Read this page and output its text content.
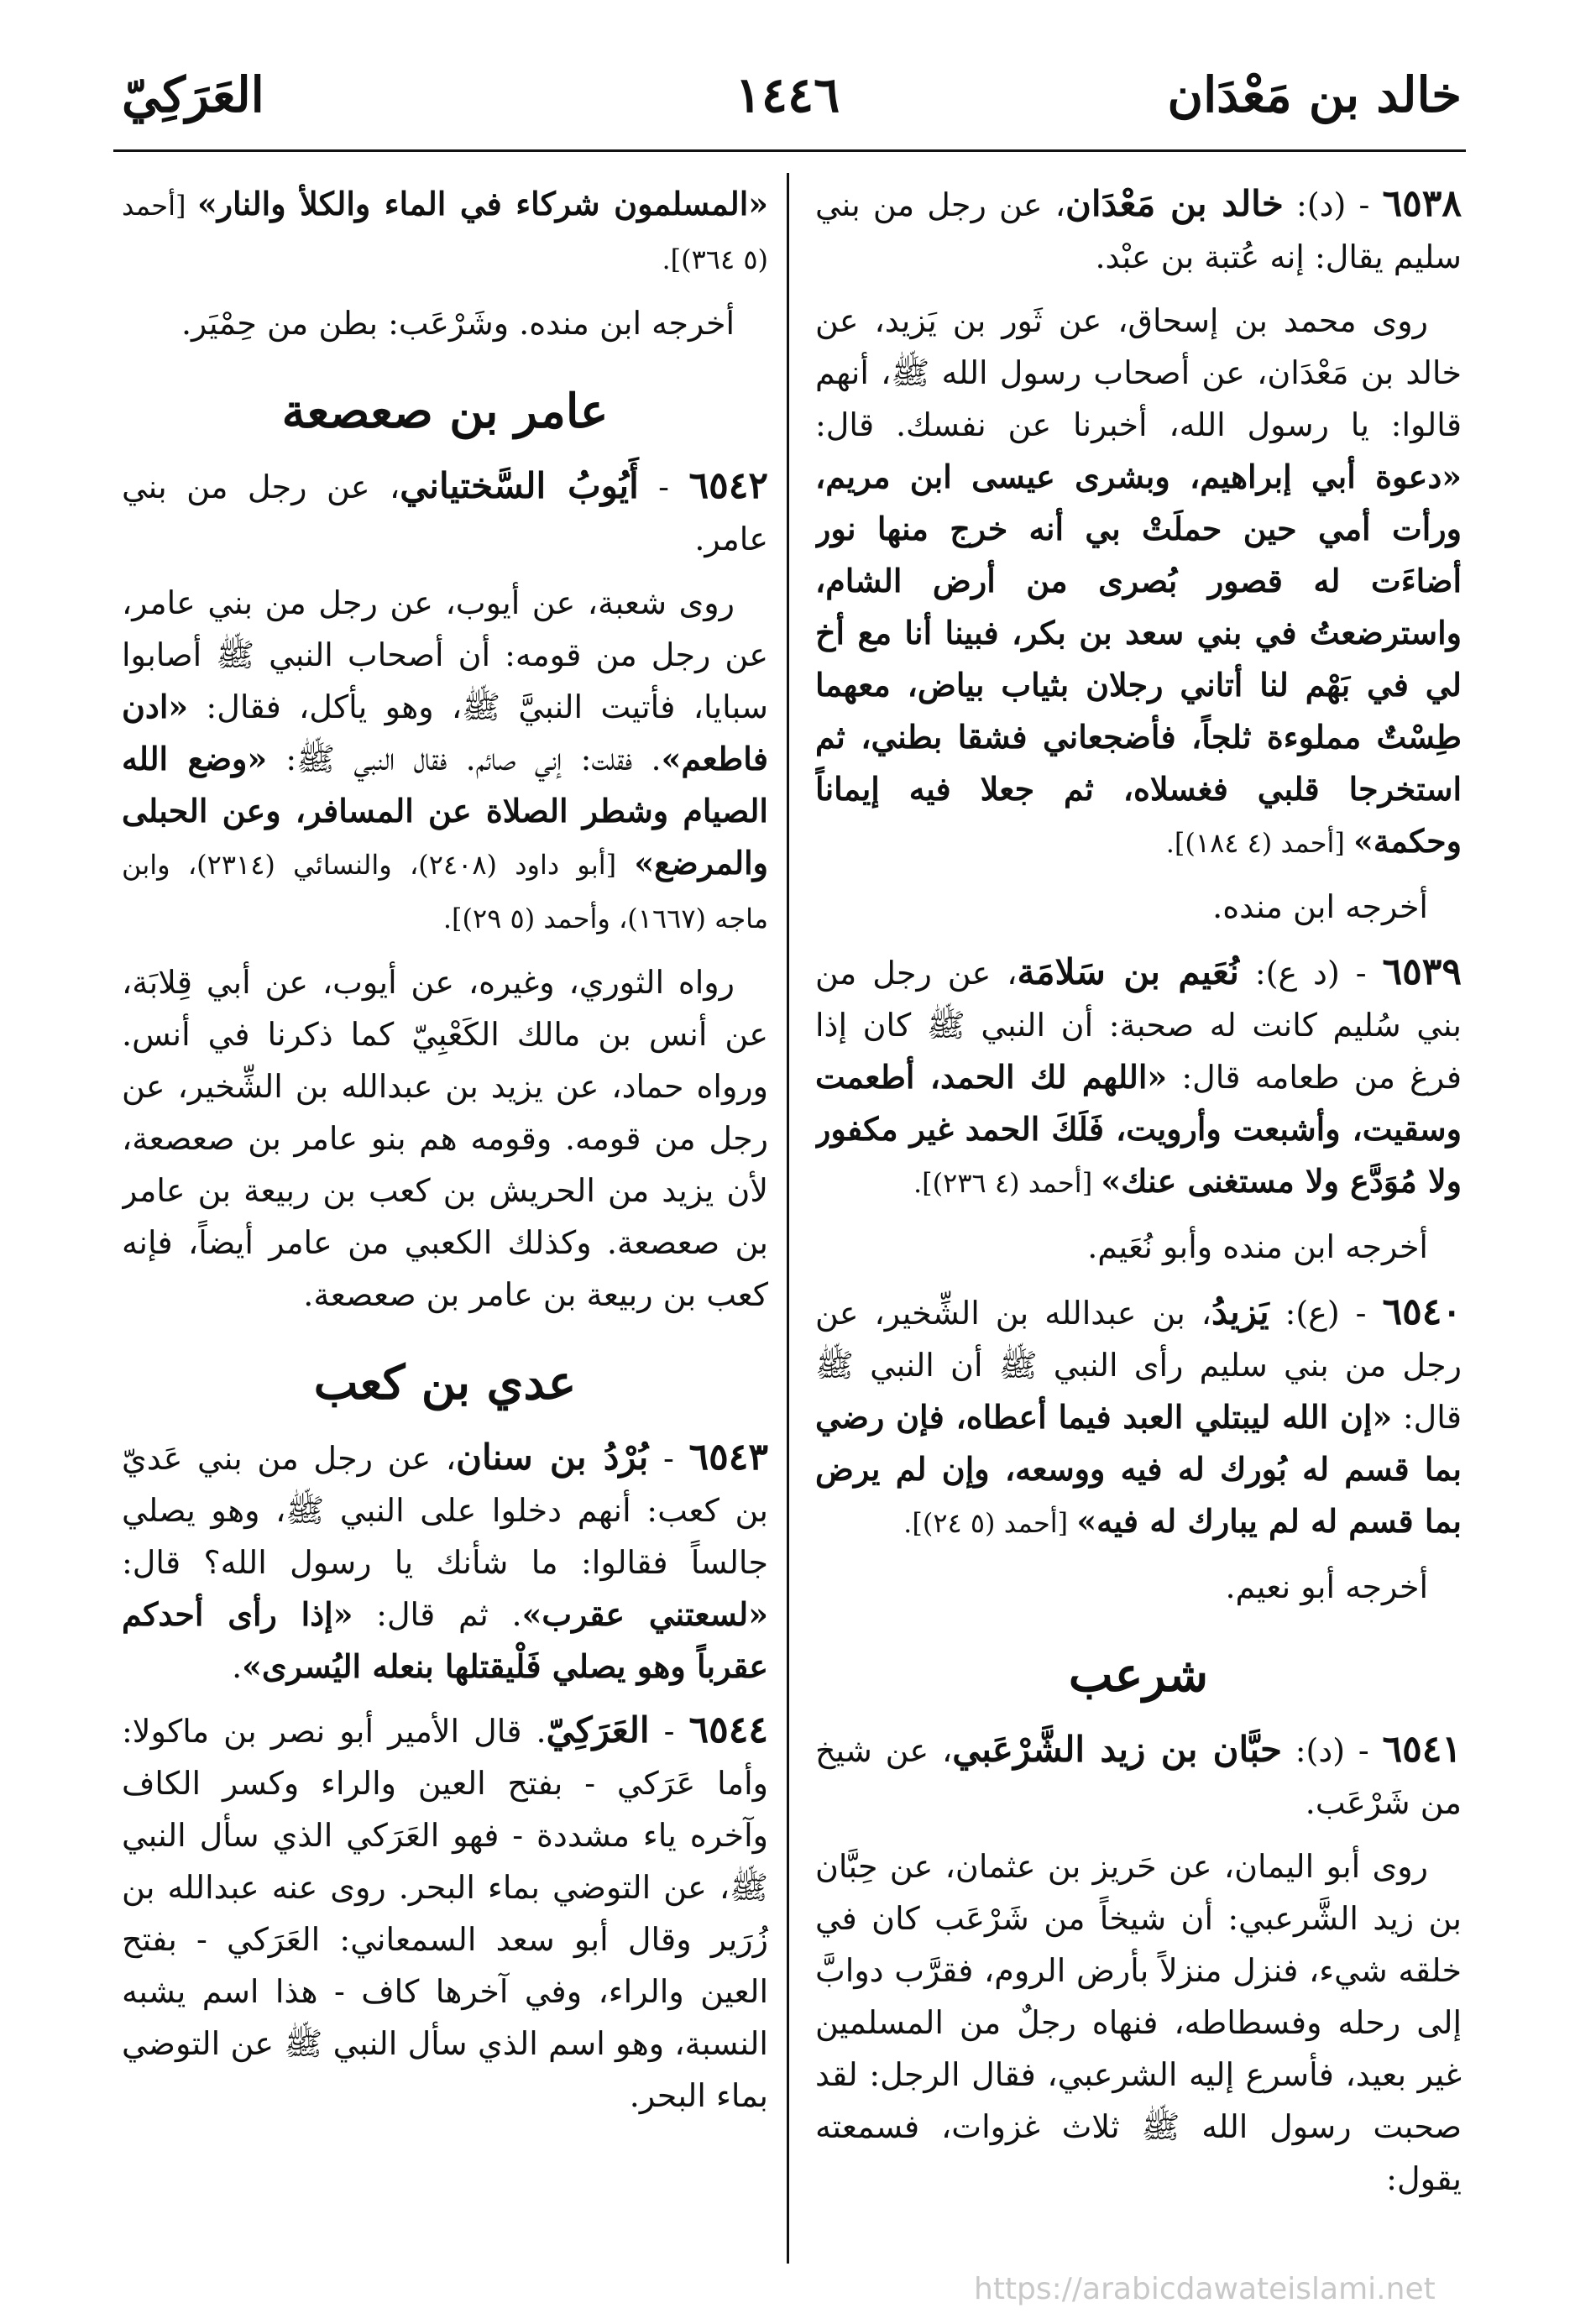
خالد بن مَعْدَان
١٤٤٦
العَرَكِيّ

٦٥٣٨ - (د): خالد بن مَعْدَان، عن رجل من بني سليم يقال: إنه عُتبة بن عبْد.

روى محمد بن إسحاق، عن ثَور بن يَزيد، عن خالد بن مَعْدَان، عن أصحاب رسول الله ﷺ، أنهم قالوا: يا رسول الله، أخبرنا عن نفسك. قال: «دعوة أبي إبراهيم، وبشرى عيسى ابن مريم، ورأت أمي حين حملَتْ بي أنه خرج منها نور أضاءَت له قصور بُصرى من أرض الشام، واسترضعتُ في بني سعد بن بكر، فبينا أنا مع أخ لي في بَهْم لنا أتاني رجلان بثياب بياض، معهما طِسْتٌ مملوءة ثلجاً، فأضجعاني فشقا بطني، ثم استخرجا قلبي فغسلاه، ثم جعلا فيه إيماناً وحكمة» [أحمد (٤ ١٨٤)].

أخرجه ابن منده.

٦٥٣٩ - (د ع): نُعَيم بن سَلامَة، عن رجل من بني سُليم كانت له صحبة: أن النبي ﷺ كان إذا فرغ من طعامه قال: «اللهم لك الحمد، أطعمت وسقيت، وأشبعت وأرويت، فَلَكَ الحمد غير مكفور ولا مُوَدَّع ولا مستغنى عنك» [أحمد (٤ ٢٣٦)].

أخرجه ابن منده وأبو نُعَيم.

٦٥٤٠ - (ع): يَزيدُ، بن عبدالله بن الشِّخير، عن رجل من بني سليم رأى النبي ﷺ أن النبي ﷺ قال: «إن الله ليبتلي العبد فيما أعطاه، فإن رضي بما قسم له بُورك له فيه ووسعه، وإن لم يرض بما قسم له لم يبارك له فيه» [أحمد (٥ ٢٤)].

أخرجه أبو نعيم.

شرعب

٦٥٤١ - (د): حبَّان بن زيد الشَّرْعَبي، عن شيخ من شَرْعَب.

روى أبو اليمان، عن حَريز بن عثمان، عن حِبَّان بن زيد الشَّرعبي: أن شيخاً من شَرْعَب كان في خلقه شيء، فنزل منزلاً بأرض الروم، فقرَّب دوابَّ إلى رحله وفسطاطه، فنهاه رجلٌ من المسلمين غير بعيد، فأسرع إليه الشرعبي، فقال الرجل: لقد صحبت رسول الله ﷺ ثلاث غزوات، فسمعته يقول:

«المسلمون شركاء في الماء والكلأ والنار» [أحمد (٥ ٣٦٤)].

أخرجه ابن منده. وشَرْعَب: بطن من حِمْيَر.

عامر بن صعصعة

٦٥٤٢ - أَيُوبُ السَّختياني، عن رجل من بني عامر.

روى شعبة، عن أيوب، عن رجل من بني عامر، عن رجل من قومه: أن أصحاب النبي ﷺ أصابوا سبايا، فأتيت النبيَّ ﷺ، وهو يأكل، فقال: «ادن فاطعم». فقلت: إني صائم. فقال النبي ﷺ: «وضع الله الصيام وشطر الصلاة عن المسافر، وعن الحبلى والمرضع» [أبو داود (٢٤٠٨)، والنسائي (٢٣١٤)، وابن ماجه (١٦٦٧)، وأحمد (٥ ٢٩)].

رواه الثوري، وغيره، عن أيوب، عن أبي قِلابَة، عن أنس بن مالك الكَعْبِيّ كما ذكرنا في أنس. ورواه حماد، عن يزيد بن عبدالله بن الشِّخير، عن رجل من قومه. وقومه هم بنو عامر بن صعصعة، لأن يزيد من الحريش بن كعب بن ربيعة بن عامر بن صعصعة. وكذلك الكعبي من عامر أيضاً، فإنه كعب بن ربيعة بن عامر بن صعصعة.

عدي بن كعب

٦٥٤٣ - بُرْدُ بن سنان، عن رجل من بني عَديّ بن كعب: أنهم دخلوا على النبي ﷺ، وهو يصلي جالساً فقالوا: ما شأنك يا رسول الله؟ قال: «لسعتني عقرب». ثم قال: «إذا رأى أحدكم عقرباً وهو يصلي فَلْيقتلها بنعله اليُسرى».

٦٥٤٤ - العَرَكِيّ. قال الأمير أبو نصر بن ماكولا: وأما عَرَكي - بفتح العين والراء وكسر الكاف وآخره ياء مشددة - فهو العَرَكي الذي سأل النبي ﷺ، عن التوضي بماء البحر. روى عنه عبدالله بن زُرَير وقال أبو سعد السمعاني: العَرَكي - بفتح العين والراء، وفي آخرها كاف - هذا اسم يشبه النسبة، وهو اسم الذي سأل النبي ﷺ عن التوضي بماء البحر.

https://arabicdawateislami.net
